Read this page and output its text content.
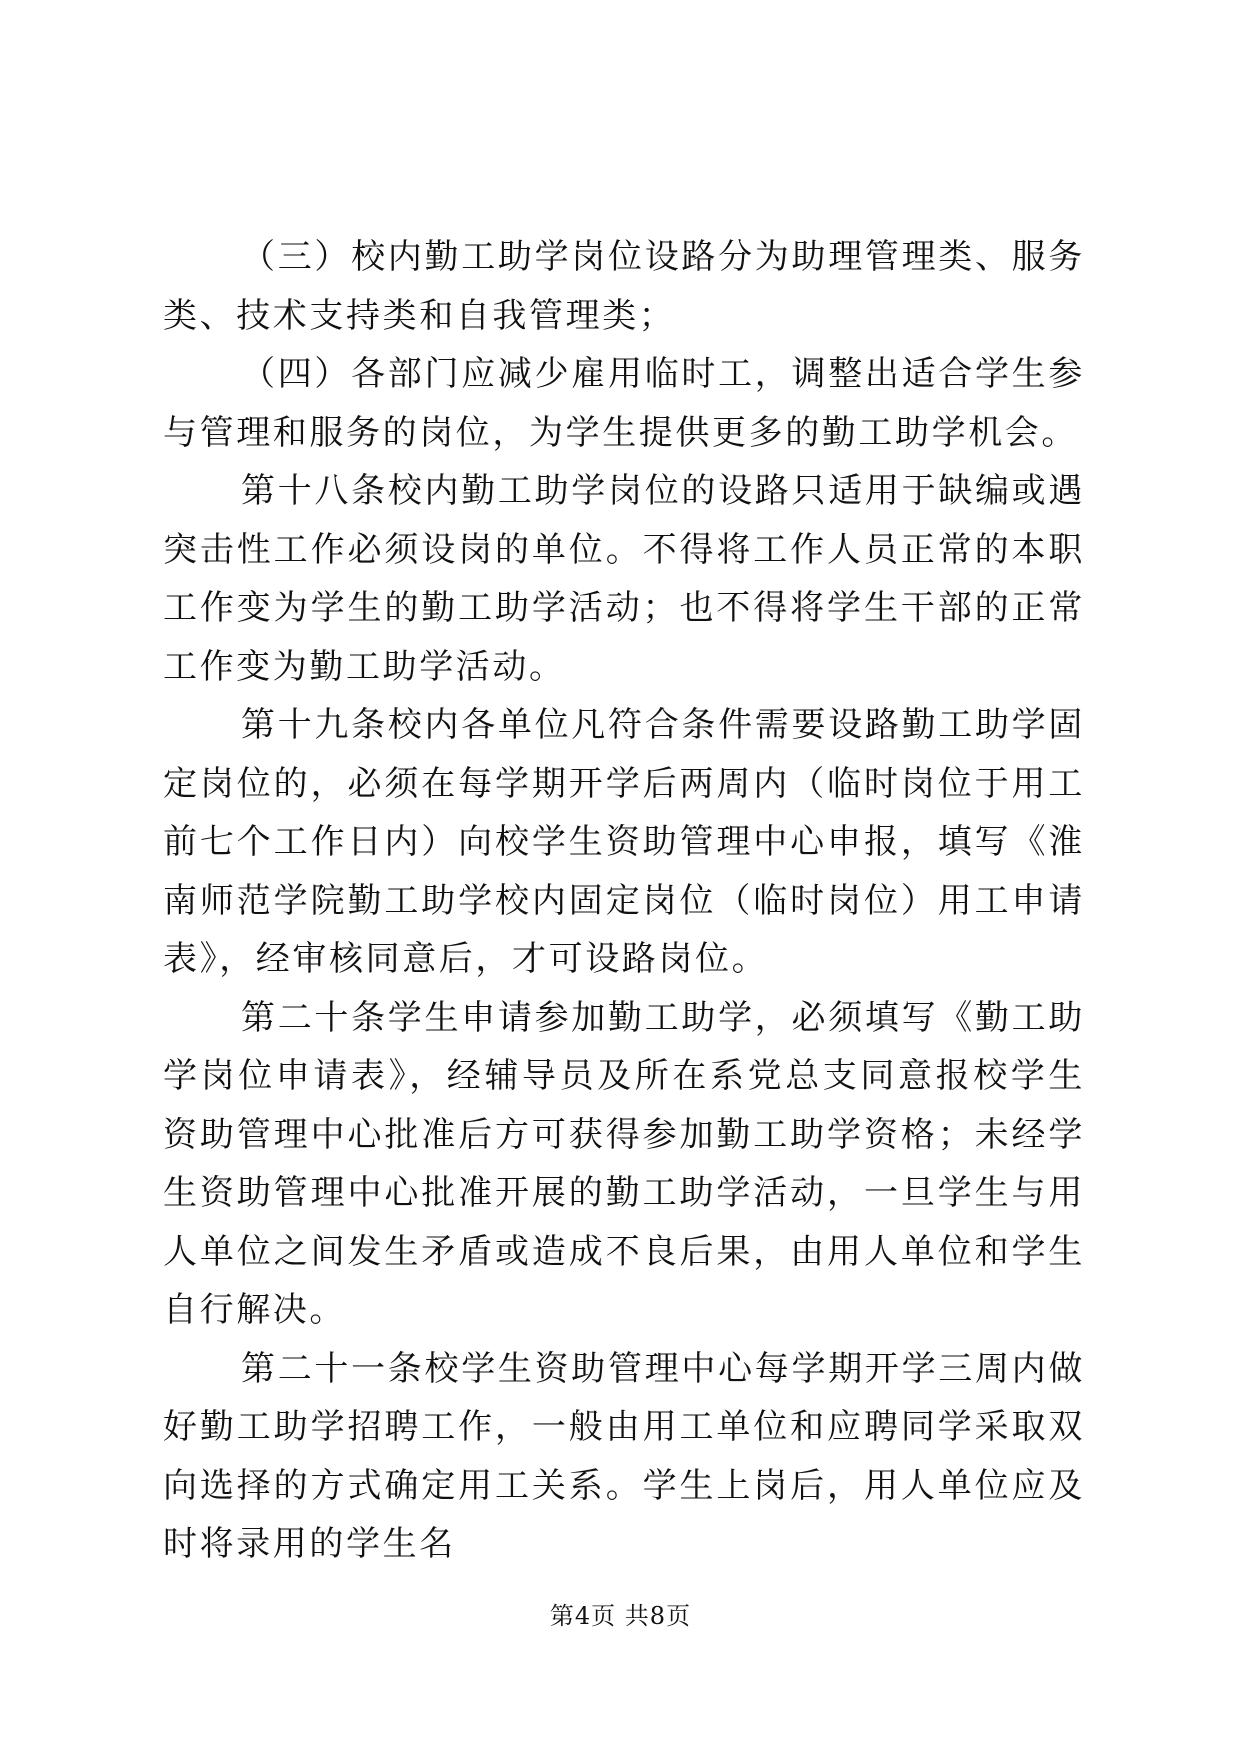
（三）校内勤工助学岗位设路分为助理管理类、服务类、技术支持类和自我管理类；

（四）各部门应减少雇用临时工，调整出适合学生参与管理和服务的岗位，为学生提供更多的勤工助学机会。

第十八条校内勤工助学岗位的设路只适用于缺编或遇突击性工作必须设岗的单位。不得将工作人员正常的本职工作变为学生的勤工助学活动；也不得将学生干部的正常工作变为勤工助学活动。

第十九条校内各单位凡符合条件需要设路勤工助学固定岗位的，必须在每学期开学后两周内（临时岗位于用工前七个工作日内）向校学生资助管理中心申报，填写《淮南师范学院勤工助学校内固定岗位（临时岗位）用工申请表》，经审核同意后，才可设路岗位。

第二十条学生申请参加勤工助学，必须填写《勤工助学岗位申请表》，经辅导员及所在系党总支同意报校学生资助管理中心批准后方可获得参加勤工助学资格；未经学生资助管理中心批准开展的勤工助学活动，一旦学生与用人单位之间发生矛盾或造成不良后果，由用人单位和学生自行解决。

第二十一条校学生资助管理中心每学期开学三周内做好勤工助学招聘工作，一般由用工单位和应聘同学采取双向选择的方式确定用工关系。学生上岗后，用人单位应及时将录用的学生名

第4页 共8页
